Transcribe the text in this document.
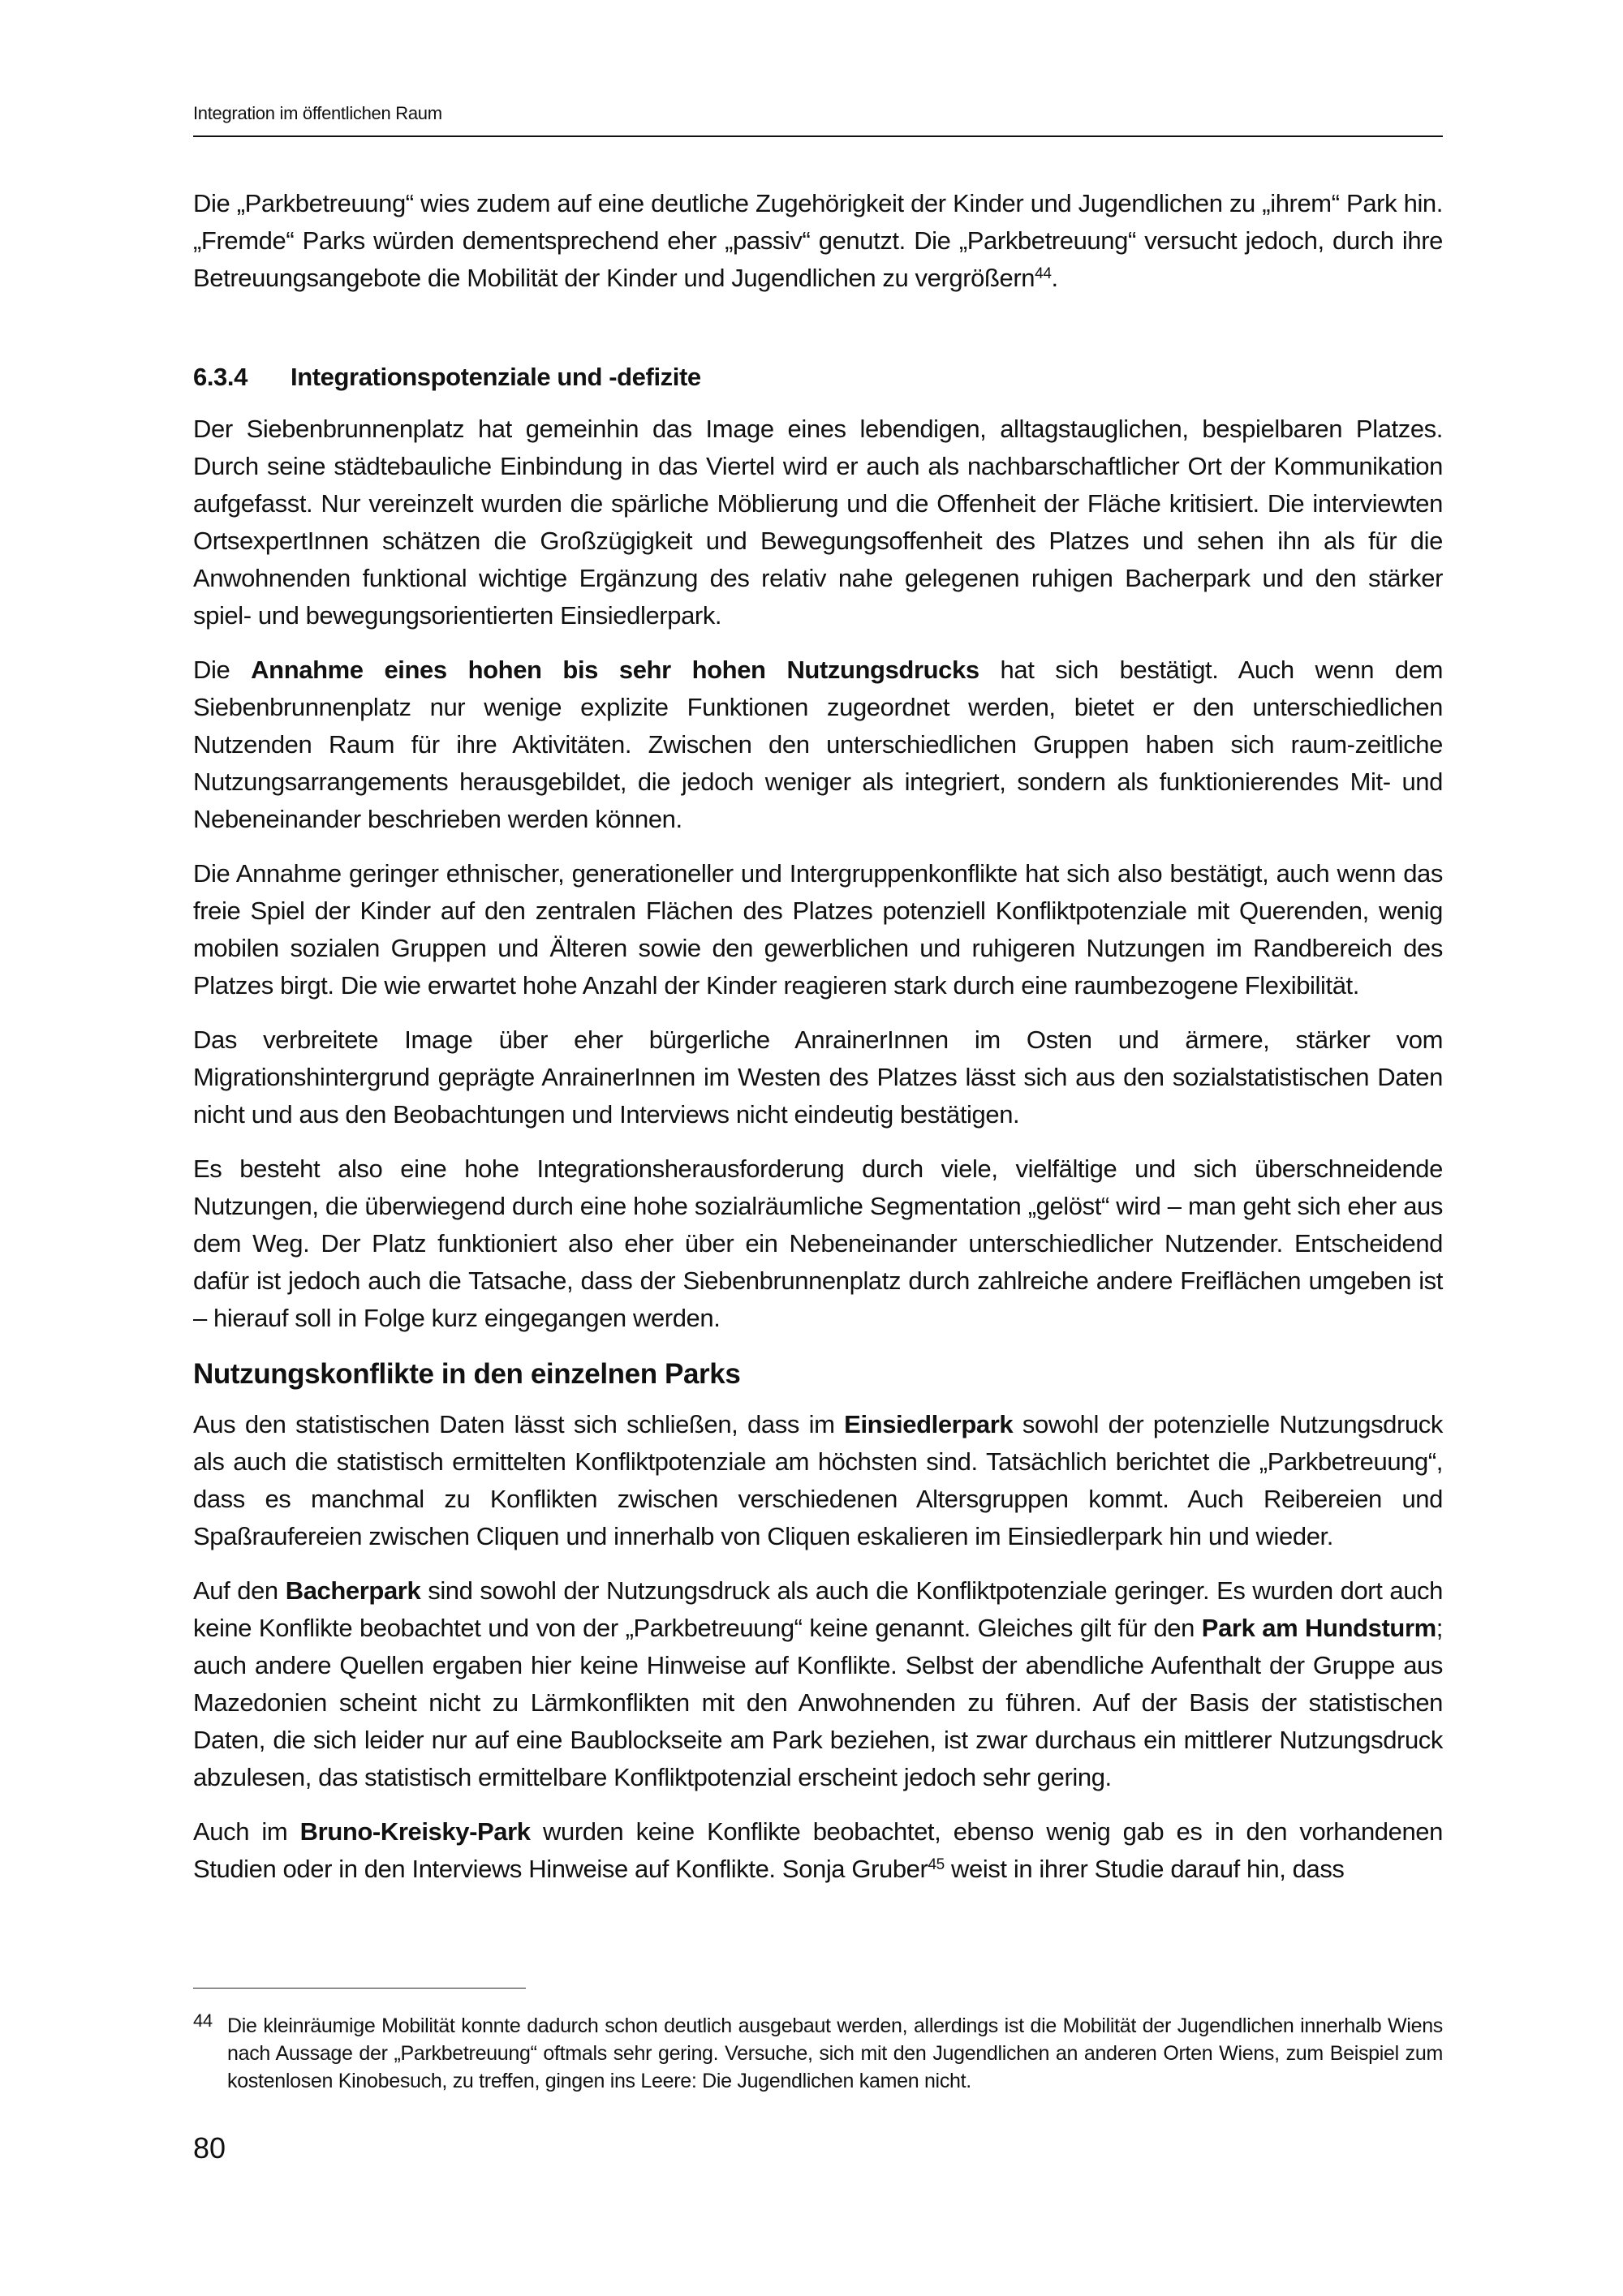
Integration im öffentlichen Raum

Die „Parkbetreuung“ wies zudem auf eine deutliche Zugehörigkeit der Kinder und Jugendlichen zu „ihrem“ Park hin. „Fremde“ Parks würden dementsprechend eher „passiv“ genutzt. Die „Parkbetreuung“ versucht jedoch, durch ihre Betreuungsangebote die Mobilität der Kinder und Jugendlichen zu vergrößern$^{44}$.

6.3.4 Integrationspotenziale und -defizite

Der Siebenbrunnenplatz hat gemeinhin das Image eines lebendigen, alltagstauglichen, bespielbaren Platzes. Durch seine städtebauliche Einbindung in das Viertel wird er auch als nachbarschaftlicher Ort der Kommunikation aufgefasst. Nur vereinzelt wurden die spärliche Möblierung und die Offenheit der Fläche kritisiert. Die interviewten OrtsexpertInnen schätzen die Großzügigkeit und Bewegungsoffenheit des Platzes und sehen ihn als für die Anwohnenden funktional wichtige Ergänzung des relativ nahe gelegenen ruhigen Bacherpark und den stärker spiel- und bewegungsorientierten Einsiedlerpark.

Die Annahme eines hohen bis sehr hohen Nutzungsdrucks hat sich bestätigt. Auch wenn dem Siebenbrunnenplatz nur wenige explizite Funktionen zugeordnet werden, bietet er den unterschiedlichen Nutzenden Raum für ihre Aktivitäten. Zwischen den unterschiedlichen Gruppen haben sich raum-zeitliche Nutzungsarrangements herausgebildet, die jedoch weniger als integriert, sondern als funktionierendes Mit- und Nebeneinander beschrieben werden können.

Die Annahme geringer ethnischer, generationeller und Intergruppenkonflikte hat sich also bestätigt, auch wenn das freie Spiel der Kinder auf den zentralen Flächen des Platzes potenziell Konfliktpotenziale mit Querenden, wenig mobilen sozialen Gruppen und Älteren sowie den gewerblichen und ruhigeren Nutzungen im Randbereich des Platzes birgt. Die wie erwartet hohe Anzahl der Kinder reagieren stark durch eine raumbezogene Flexibilität.

Das verbreitete Image über eher bürgerliche AnrainerInnen im Osten und ärmere, stärker vom Migrationshintergrund geprägte AnrainerInnen im Westen des Platzes lässt sich aus den sozialstatistischen Daten nicht und aus den Beobachtungen und Interviews nicht eindeutig bestätigen.

Es besteht also eine hohe Integrationsherausforderung durch viele, vielfältige und sich überschneidende Nutzungen, die überwiegend durch eine hohe sozialräumliche Segmentation „gelöst“ wird – man geht sich eher aus dem Weg. Der Platz funktioniert also eher über ein Nebeneinander unterschiedlicher Nutzender. Entscheidend dafür ist jedoch auch die Tatsache, dass der Siebenbrunnenplatz durch zahlreiche andere Freiflächen umgeben ist – hierauf soll in Folge kurz eingegangen werden.

Nutzungskonflikte in den einzelnen Parks

Aus den statistischen Daten lässt sich schließen, dass im Einsiedlerpark sowohl der potenzielle Nutzungsdruck als auch die statistisch ermittelten Konfliktpotenziale am höchsten sind. Tatsächlich berichtet die „Parkbetreuung“, dass es manchmal zu Konflikten zwischen verschiedenen Altersgruppen kommt. Auch Reibereien und Spaßraufereien zwischen Cliquen und innerhalb von Cliquen eskalieren im Einsiedlerpark hin und wieder.

Auf den Bacherpark sind sowohl der Nutzungsdruck als auch die Konfliktpotenziale geringer. Es wurden dort auch keine Konflikte beobachtet und von der „Parkbetreuung“ keine genannt. Gleiches gilt für den Park am Hundsturm; auch andere Quellen ergaben hier keine Hinweise auf Konflikte. Selbst der abendliche Aufenthalt der Gruppe aus Mazedonien scheint nicht zu Lärmkonflikten mit den Anwohnenden zu führen. Auf der Basis der statistischen Daten, die sich leider nur auf eine Baublockseite am Park beziehen, ist zwar durchaus ein mittlerer Nutzungsdruck abzulesen, das statistisch ermittelbare Konfliktpotenzial erscheint jedoch sehr gering.

Auch im Bruno-Kreisky-Park wurden keine Konflikte beobachtet, ebenso wenig gab es in den vorhandenen Studien oder in den Interviews Hinweise auf Konflikte. Sonja Gruber$^{45}$ weist in ihrer Studie darauf hin, dass

44 Die kleinräumige Mobilität konnte dadurch schon deutlich ausgebaut werden, allerdings ist die Mobilität der Jugendlichen innerhalb Wiens nach Aussage der „Parkbetreuung“ oftmals sehr gering. Versuche, sich mit den Jugendlichen an anderen Orten Wiens, zum Beispiel zum kostenlosen Kinobesuch, zu treffen, gingen ins Leere: Die Jugendlichen kamen nicht.
80
